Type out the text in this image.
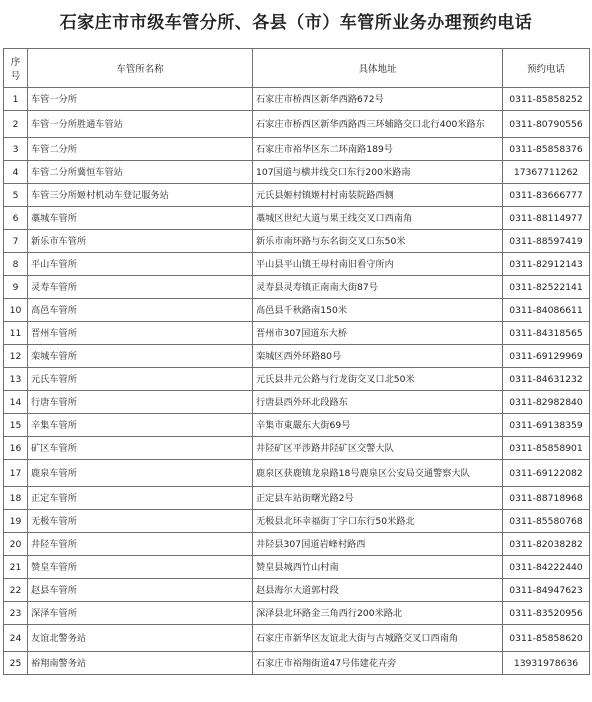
石家庄市市级车管分所、各县（市）车管所业务办理预约电话
序号	车管所名称	具体地址	预约电话
1	车管一分所	石家庄市桥西区新华西路672号	0311-85858252
2	车管一分所胜通车管站	石家庄市桥西区新华西路西三环辅路交口北行400米路东	0311-80790556
3	车管二分所	石家庄市裕华区东二环南路189号	0311-85858376
4	车管二分所冀恒车管站	107国道与横井线交口东行200米路南	17367711262
5	车管三分所姬村机动车登记服务站	元氏县姬村镇姬村村南装院路西侧	0311-83666777
6	藁城车管所	藁城区世纪大道与果王线交叉口西南角	0311-88114977
7	新乐市车管所	新乐市南环路与东名街交叉口东50米	0311-88597419
8	平山车管所	平山县平山镇王母村南旧看守所内	0311-82912143
9	灵寿车管所	灵寿县灵寿镇正南南大街87号	0311-82522141
10	高邑车管所	高邑县千秋路南150米	0311-84086611
11	晋州车管所	晋州市307国道东大桥	0311-84318565
12	栾城车管所	栾城区西外环路80号	0311-69129969
13	元氏车管所	元氏县井元公路与行龙街交叉口北50米	0311-84631232
14	行唐车管所	行唐县西外环北段路东	0311-82982840
15	辛集车管所	辛集市東嚴东大街69号	0311-69138359
16	矿区车管所	井陉矿区平涉路井陉矿区交警大队	0311-85858901
17	鹿泉车管所	鹿泉区获鹿镇龙泉路18号鹿泉区公安局交通警察大队	0311-69122082
18	正定车管所	正定县车站街曙光路2号	0311-88718968
19	无极车管所	无极县北环幸福街丁字口东行50米路北	0311-85580768
20	井陉车管所	井陉县307国道岩峰村路西	0311-82038282
21	赞皇车管所	赞皇县城西竹山村南	0311-84222440
22	赵县车管所	赵县海尔大道郭村段	0311-84947623
23	深泽车管所	深泽县北环路金三角西行200米路北	0311-83520956
24	友谊北警务站	石家庄市新华区友谊北大街与古城路交叉口西南角	0311-85858620
25	裕翔南警务站	石家庄市裕翔街道47号伟建花卉旁	13931978636
